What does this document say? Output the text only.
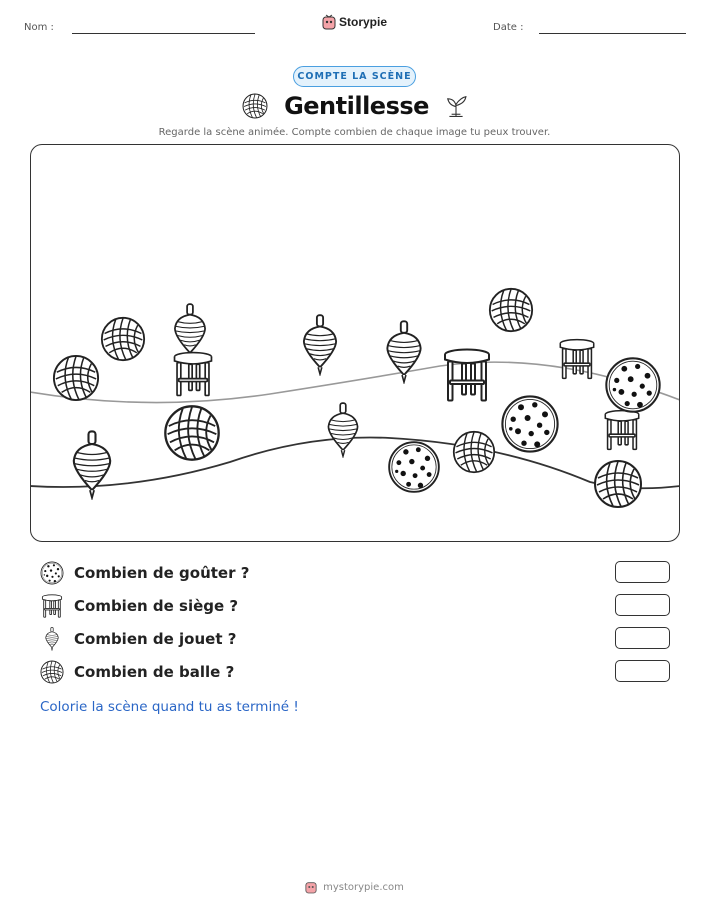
Nom :	Storypie	Date :
COMPTE LA SCÈNE
Gentillesse
Regarde la scène animée. Compte combien de chaque image tu peux trouver.
Combien de goûter ?
Combien de siège ?
Combien de jouet ?
Combien de balle ?
Colorie la scène quand tu as terminé !
mystorypie.com
